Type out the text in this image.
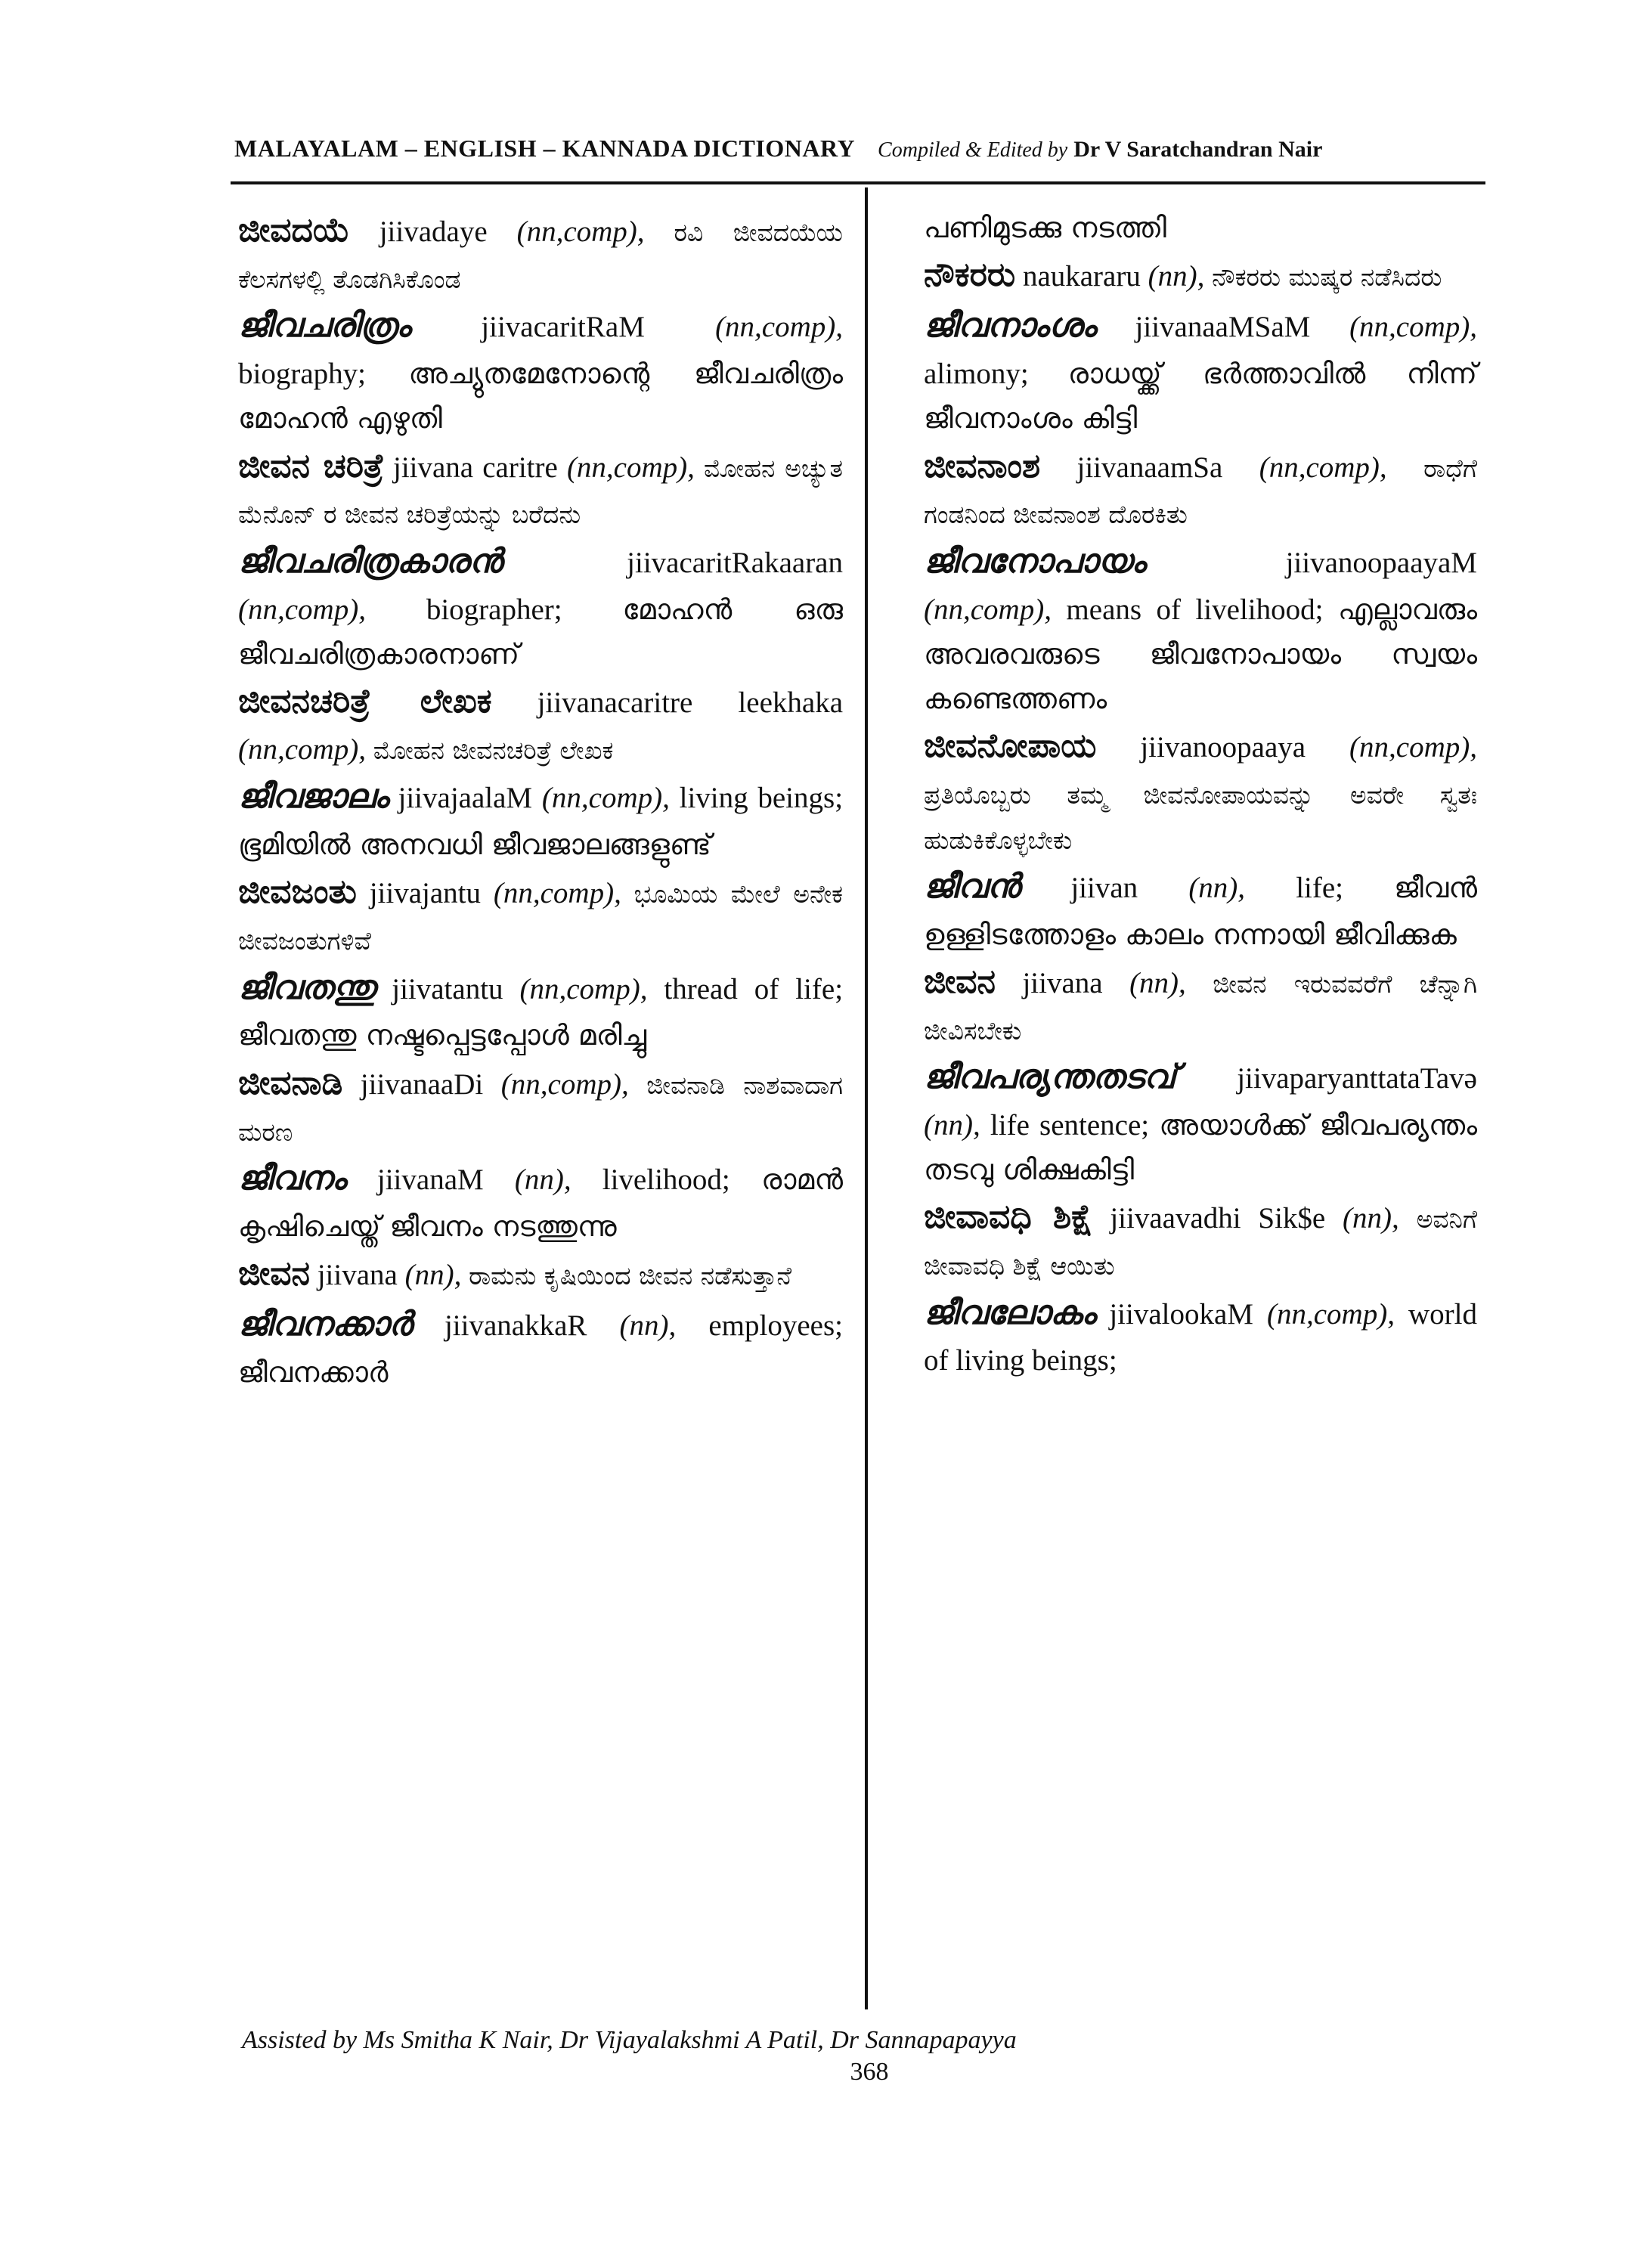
MALAYALAM – ENGLISH – KANNADA DICTIONARY Compiled & Edited by Dr V Saratchandran Nair

ಜೀವದಯೆ jiivadaye (nn,comp), ರವಿ ಜೀವದಯೆಯ ಕೆಲಸಗಳಲ್ಲಿ ತೊಡಗಿಸಿಕೊಂಡ

ജീവചരിത്രം jiivacaritRaM (nn,comp), biography; അച്യുതമേനോന്റെ ജീവചരിത്രം മോഹൻ എഴുതി

ಜೀವನ ಚರಿತ್ರೆ jiivana caritre (nn,comp), ಮೋಹನ ಅಚ್ಯುತ ಮೆನೊನ್ ರ ಜೀವನ ಚರಿತ್ರೆಯನ್ನು ಬರೆದನು

ജീവചരിത്രകാരൻ	jiivacaritRakaaran (nn,comp), biographer; മോഹൻ ഒരു ജീവചരിത്രകാരനാണ്

ಜೀವನಚರಿತ್ರೆ ಲೇಖಕ jiivanacaritre leekhaka (nn,comp), ಮೋಹನ ಜೀವನಚರಿತ್ರೆ ಲೇಖಕ

ജീവജാലം jiivajaalaM (nn,comp), living beings; ഭൂമിയിൽ അനവധി ജീവജാലങ്ങളുണ്ട്

ಜೀವಜಂತು jiivajantu (nn,comp), ಭೂಮಿಯ ಮೇಲೆ ಅನೇಕ ಜೀವಜಂತುಗಳಿವೆ

ജീവതന്തു jiivatantu (nn,comp), thread of life; ജീവതന്തു നഷ്ടപ്പെട്ടപ്പോൾ മരിച്ചു

ಜೀವನಾಡಿ jiivanaaDi (nn,comp), ಜೀವನಾಡಿ ನಾಶವಾದಾಗ ಮರಣ

ജീവനം jiivanaM (nn), livelihood; രാമൻ കൃഷിചെയ്ത് ജീവനം നടത്തുന്നു

ಜೀವನ jiivana (nn), ರಾಮನು ಕೃಷಿಯಿಂದ ಜೀವನ ನಡೆಸುತ್ತಾನೆ

ജീവനക്കാർ jiivanakkaR (nn), employees; ജീവനക്കാർ

പണിമുടക്കു നടത്തി

ನೌಕರರು naukararu (nn), ನೌಕರರು ಮುಷ್ಕರ ನಡೆಸಿದರು

ജീവനാംശം jiivanaaMSaM (nn,comp), alimony; രാധയ്ക്ക് ഭർത്താവിൽ നിന്ന് ജീവനാംശം കിട്ടി

ಜೀವನಾಂಶ jiivanaamSa (nn,comp), ರಾಧೆಗೆ ಗಂಡನಿಂದ ಜೀವನಾಂಶ ದೊರಕಿತು

ജീവനോപായം	jiivanoopaayaM (nn,comp), means of livelihood; എല്ലാവരും അവരവരുടെ ജീവനോപായം സ്വയം കണ്ടെത്തണം

ಜೀವನೋಪಾಯ jiivanoopaaya (nn,comp), ಪ್ರತಿಯೊಬ್ಬರು ತಮ್ಮ ಜೀವನೋಪಾಯವನ್ನು ಅವರೇ ಸ್ವತಃ ಹುಡುಕಿಕೊಳ್ಳಬೇಕು

ജീവൻ jiivan (nn), life; ജീവൻ ഉള്ളിടത്തോളം കാലം നന്നായി ജീവിക്കുക

ಜೀವನ jiivana (nn), ಜೀವನ ಇರುವವರೆಗೆ ಚೆನ್ನಾಗಿ ಜೀವಿಸಬೇಕು

ജീവപര്യന്തതടവ് jiivaparyanttataTavə (nn), life sentence; അയാൾക്ക് ജീവപര്യന്തം തടവു ശിക്ഷകിട്ടി

ಜೀವಾವಧಿ ಶಿಕ್ಷೆ jiivaavadhi Sik$e (nn), ಅವನಿಗೆ ಜೀವಾವಧಿ ಶಿಕ್ಷೆ ಆಯಿತು

ജീവലോകം jiivalookaM (nn,comp), world of living beings;

Assisted by Ms Smitha K Nair, Dr Vijayalakshmi A Patil, Dr Sannapapayya
368
